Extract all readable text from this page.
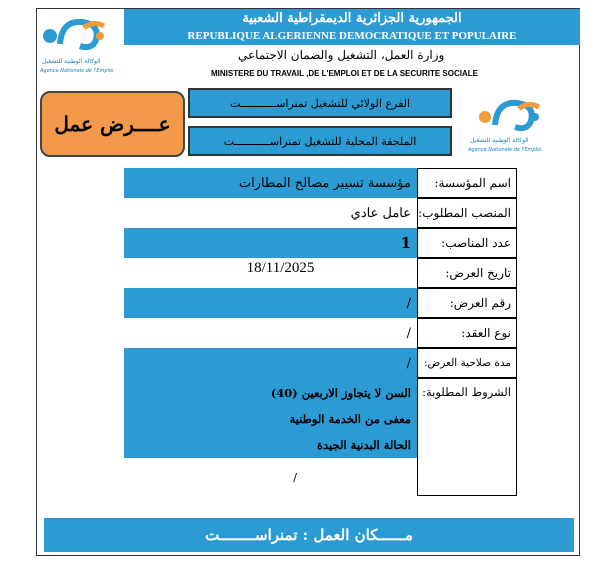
الوكالة الوطنية للتشغيل
Agence Nationale de l'Emploi
الجمهورية الجزائرية الديمقراطية الشعبية
REPUBLIQUE ALGERIENNE DEMOCRATIQUE ET POPULAIRE
وزارة العمل، التشغيل والضمان الاجتماعي
MINISTERE DU TRAVAIL ,DE L'EMPLOI ET DE LA SECURITE SOCIALE
عــــرض عمل
الفرع الولائي للتشغيل تمنراســـــــــــت
الملحقة المحلية للتشغيل تمنراســـــــــــت	الوكالة الوطنية للتشغيل
Agence Nationale de l'Emploi
مؤسسة تسيير مصالح المطارات	اسم المؤسسة:
عامل عادي المنصب المطلوب:
1	عدد المناصب:
18/11/2025	تاريخ العرض:
/	رقم العرض:
/	نوع العقد:
/	مدة صلاحية العرض:
السن لا يتجاوز الاربعين (40)
معفى من الخدمة الوطنية
الحالة البدنية الجيدة
/
الشروط المطلوبة:
مــــــكان العمل : تمنراســــــــت
